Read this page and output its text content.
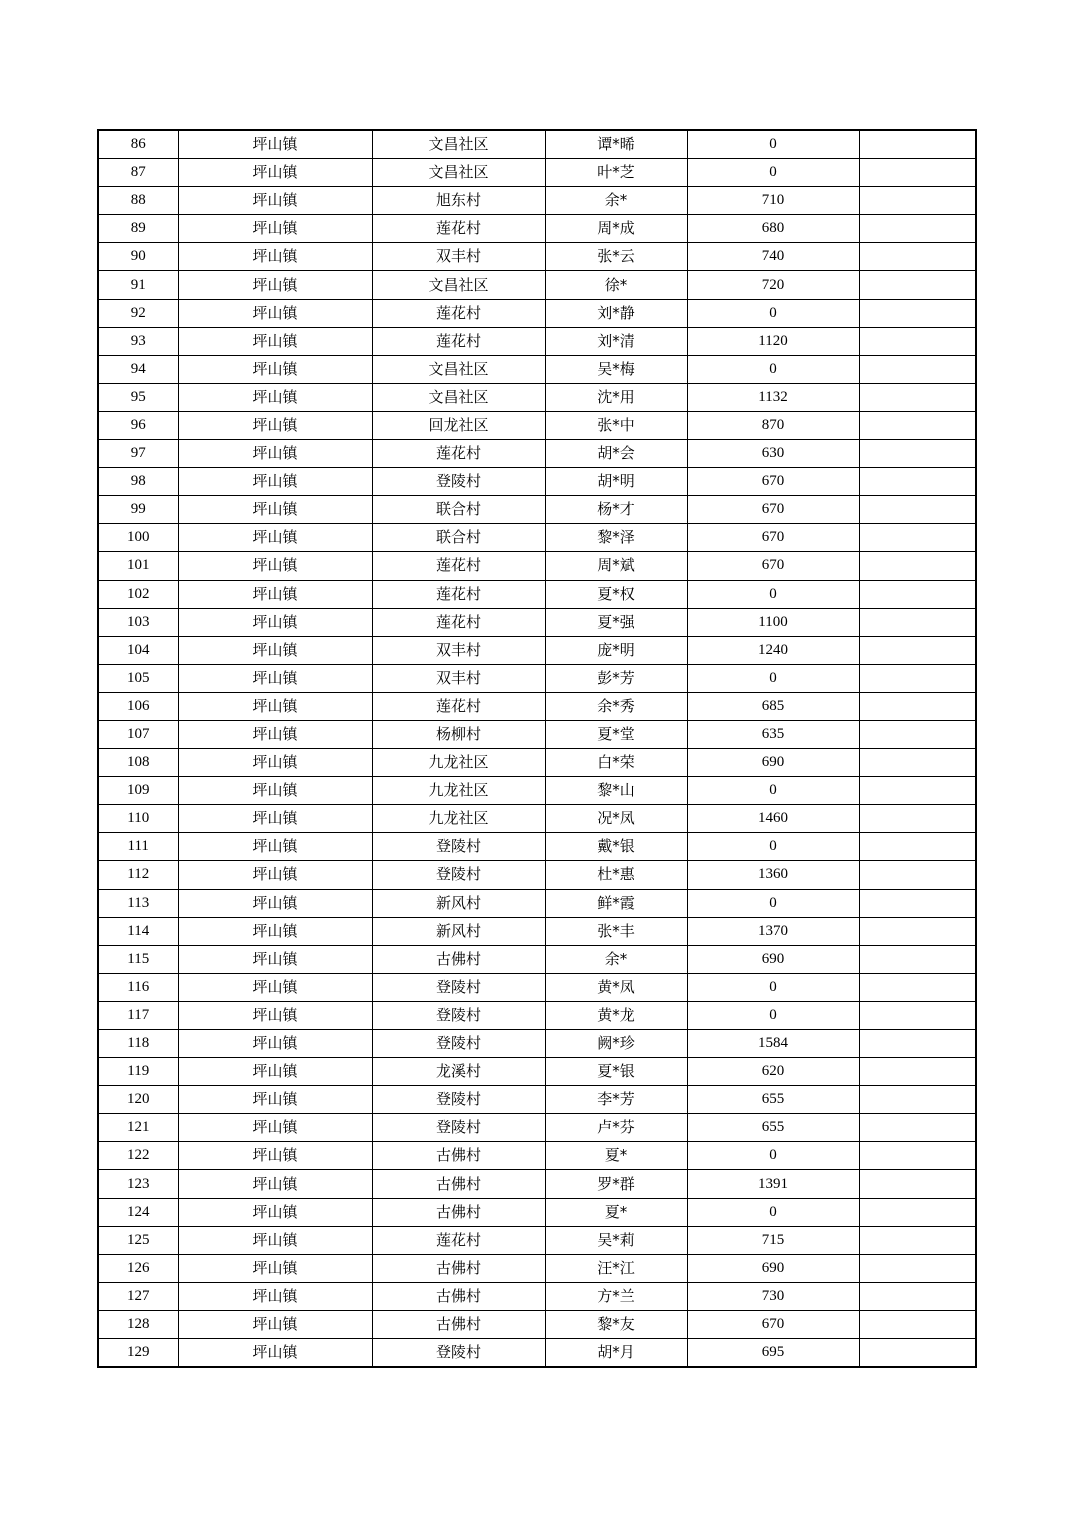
86	坪山镇	文昌社区	谭*晞	0	
87	坪山镇	文昌社区	叶*芝	0	
88	坪山镇	旭东村	余*	710	
89	坪山镇	莲花村	周*成	680	
90	坪山镇	双丰村	张*云	740	
91	坪山镇	文昌社区	徐*	720	
92	坪山镇	莲花村	刘*静	0	
93	坪山镇	莲花村	刘*清	1120	
94	坪山镇	文昌社区	吴*梅	0	
95	坪山镇	文昌社区	沈*用	1132	
96	坪山镇	回龙社区	张*中	870	
97	坪山镇	莲花村	胡*会	630	
98	坪山镇	登陵村	胡*明	670	
99	坪山镇	联合村	杨*才	670	
100	坪山镇	联合村	黎*泽	670	
101	坪山镇	莲花村	周*斌	670	
102	坪山镇	莲花村	夏*权	0	
103	坪山镇	莲花村	夏*强	1100	
104	坪山镇	双丰村	庞*明	1240	
105	坪山镇	双丰村	彭*芳	0	
106	坪山镇	莲花村	余*秀	685	
107	坪山镇	杨柳村	夏*堂	635	
108	坪山镇	九龙社区	白*荣	690	
109	坪山镇	九龙社区	黎*山	0	
110	坪山镇	九龙社区	况*凤	1460	
111	坪山镇	登陵村	戴*银	0	
112	坪山镇	登陵村	杜*惠	1360	
113	坪山镇	新风村	鲜*霞	0	
114	坪山镇	新风村	张*丰	1370	
115	坪山镇	古佛村	余*	690	
116	坪山镇	登陵村	黄*凤	0	
117	坪山镇	登陵村	黄*龙	0	
118	坪山镇	登陵村	阙*珍	1584	
119	坪山镇	龙溪村	夏*银	620	
120	坪山镇	登陵村	李*芳	655	
121	坪山镇	登陵村	卢*芬	655	
122	坪山镇	古佛村	夏*	0	
123	坪山镇	古佛村	罗*群	1391	
124	坪山镇	古佛村	夏*	0	
125	坪山镇	莲花村	吴*莉	715	
126	坪山镇	古佛村	汪*江	690	
127	坪山镇	古佛村	方*兰	730	
128	坪山镇	古佛村	黎*友	670	
129	坪山镇	登陵村	胡*月	695	
